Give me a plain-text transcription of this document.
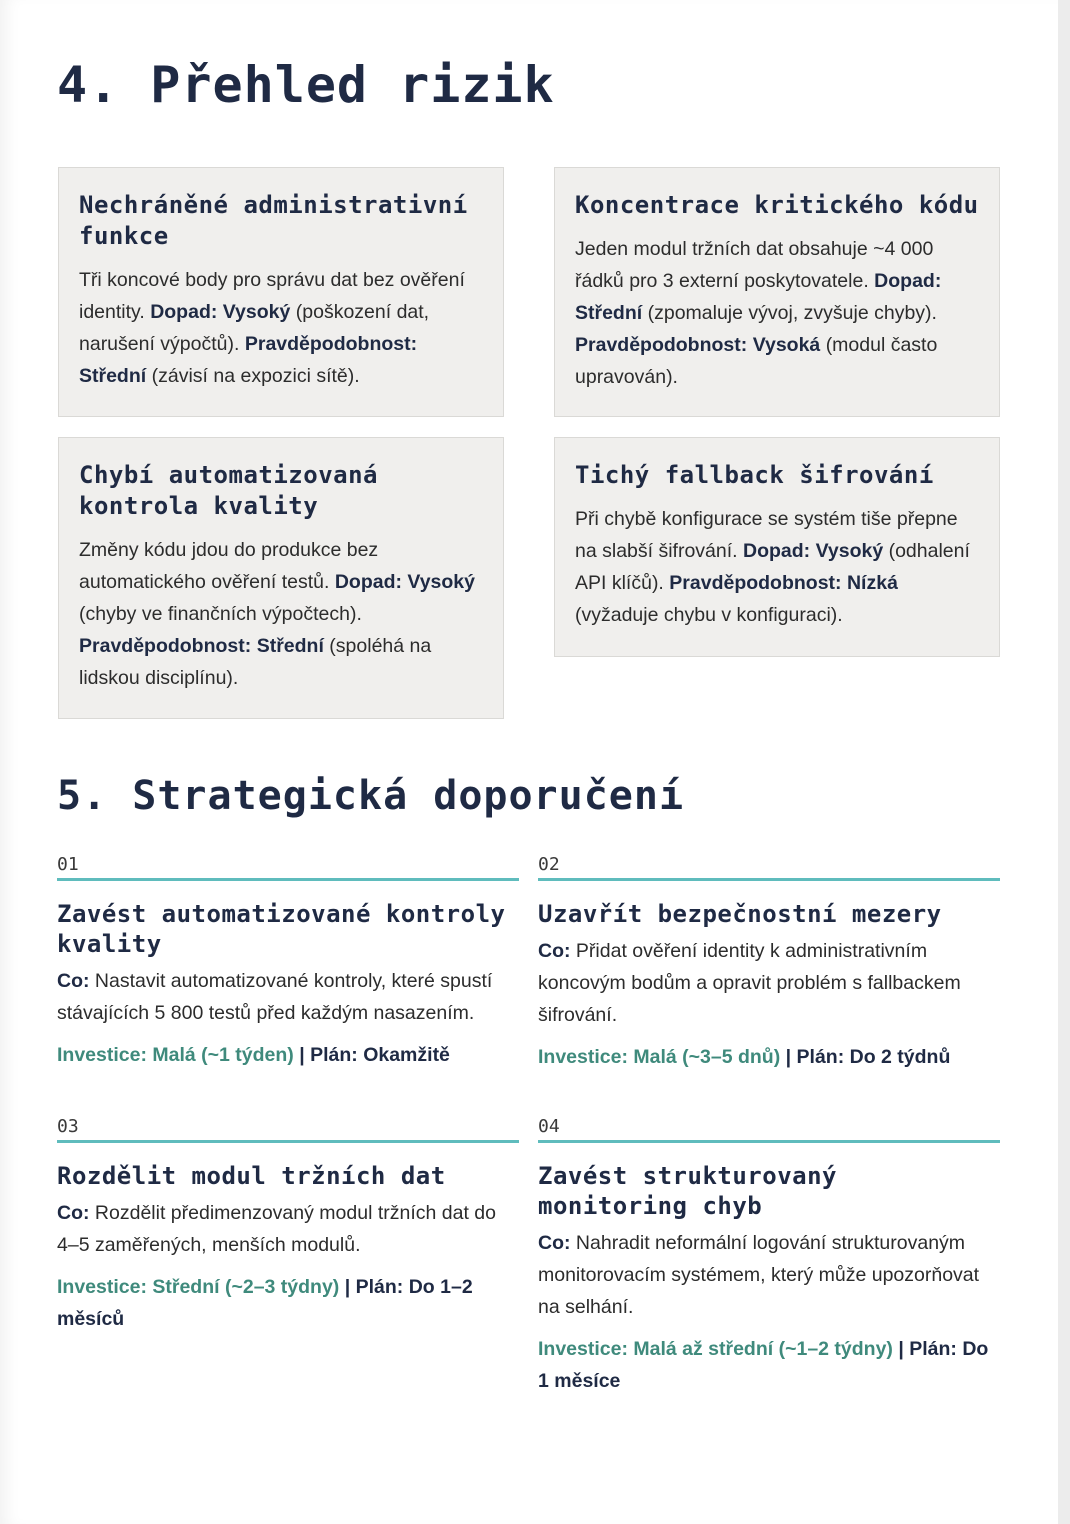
4. Přehled rizik
Nechráněné administrativní funkce

Tři koncové body pro správu dat bez ověření identity. Dopad: Vysoký (poškození dat, narušení výpočtů). Pravděpodobnost: Střední (závisí na expozici sítě).

Koncentrace kritického kódu

Jeden modul tržních dat obsahuje ~4 000 řádků pro 3 externí poskytovatele. Dopad: Střední (zpomaluje vývoj, zvyšuje chyby). Pravděpodobnost: Vysoká (modul často upravován).

Chybí automatizovaná kontrola kvality

Změny kódu jdou do produkce bez automatického ověření testů. Dopad: Vysoký (chyby ve finančních výpočtech). Pravděpodobnost: Střední (spoléhá na lidskou disciplínu).

Tichý fallback šifrování

Při chybě konfigurace se systém tiše přepne na slabší šifrování. Dopad: Vysoký (odhalení API klíčů). Pravděpodobnost: Nízká (vyžaduje chybu v konfiguraci).

5. Strategická doporučení
01
Zavést automatizované kontroly kvality

Co: Nastavit automatizované kontroly, které spustí stávajících 5 800 testů před každým nasazením.

Investice: Malá (~1 týden) | Plán: Okamžitě

02
Uzavřít bezpečnostní mezery

Co: Přidat ověření identity k administrativním koncovým bodům a opravit problém s fallbackem šifrování.

Investice: Malá (~3–5 dnů) | Plán: Do 2 týdnů

03
Rozdělit modul tržních dat

Co: Rozdělit předimenzovaný modul tržních dat do 4–5 zaměřených, menších modulů.

Investice: Střední (~2–3 týdny) | Plán: Do 1–2 měsíců

04
Zavést strukturovaný monitoring chyb

Co: Nahradit neformální logování strukturovaným monitorovacím systémem, který může upozorňovat na selhání.

Investice: Malá až střední (~1–2 týdny) | Plán: Do 1 měsíce
